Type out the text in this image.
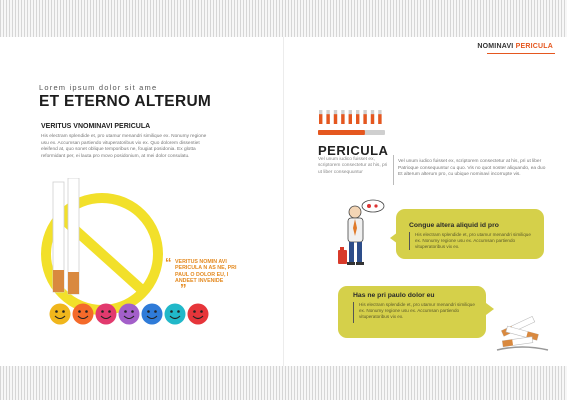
NOMINAVI PERICULA
Lorem ipsum dolor sit ame
ET ETERNO ALTERUM
VERITUS VNOMINAVI PERICULA
His electram splendide et, pro utamur menandri similique ex. Nonumy regione usu ex. Accumsan partiendo vituperatoribus vix ex. Quo dolorem dissentiet eleifend at, quo sonet oblique temporibus ne, fougiat posidonia. Ex glotta reformidant per, ei lauta pro movo posidonium, at mei dolor consulatu.
“ VERITUS NOMIN AVI PERICULA N AS NE, PRI PAUL O DOLOR EU, I ANDEET INVENIDE
”
PERICULA
Vel unum iudico fuisset ex, scriptorem consectetur at his, pri ut liber consequuntur
Vel unum iudico fuisset ex, scriptorem consectetur at his, pri ut liber Patrioque consequuntur cu quo. Vis no quot noster aliquando, ea duo Et alterum alterum pro, cu ubique nominavi incorrupte vis.
Congue altera aliquid id pro
His electram splendide et, pro utamur menandri similique ex. Nonumy regione usu ex. Accumsan partiendo vituperatoribus vix ex.
Has ne pri paulo dolor eu
His electram splendide et, pro utamur menandri similique ex. Nonumy regione usu ex. Accumsan partiendo vituperatoribus vix ex.
